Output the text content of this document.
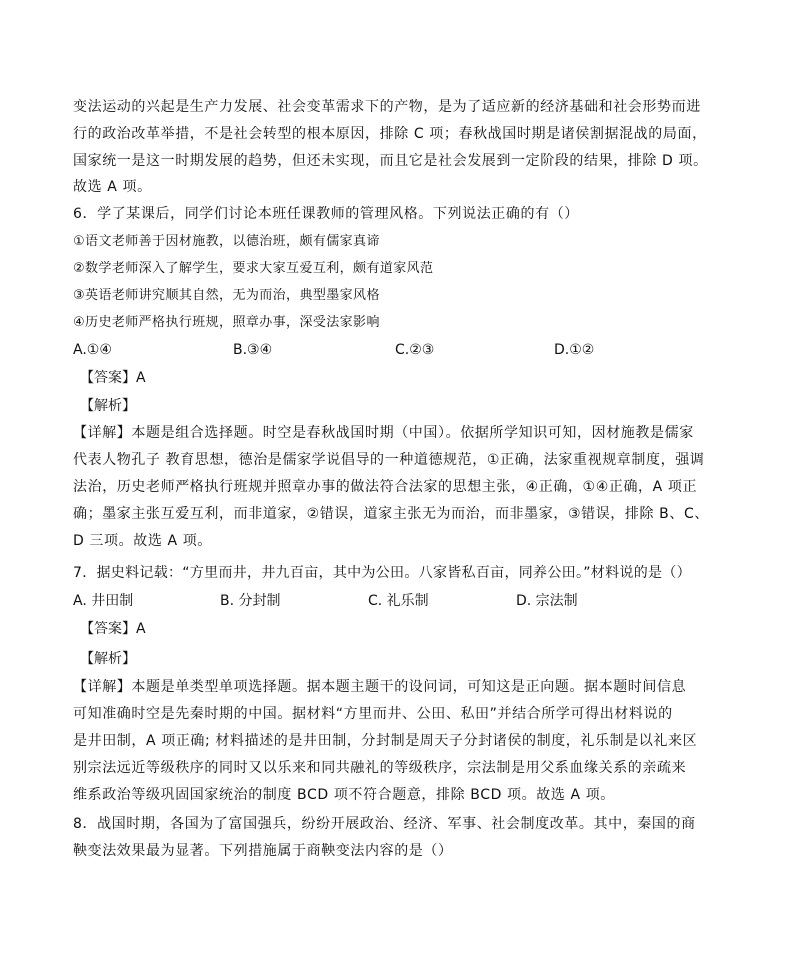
变法运动的兴起是生产力发展、社会变革需求下的产物，是为了适应新的经济基础和社会形势而进
行的政治改革举措，不是社会转型的根本原因，排除 C 项；春秋战国时期是诸侯割据混战的局面，
国家统一是这一时期发展的趋势，但还未实现，而且它是社会发展到一定阶段的结果，排除 D 项。
故选 A 项。
6．学了某课后，同学们讨论本班任课教师的管理风格。下列说法正确的有（）
①语文老师善于因材施教，以德治班，颇有儒家真谛
②数学老师深入了解学生，要求大家互爱互利，颇有道家风范
③英语老师讲究顺其自然，无为而治，典型墨家风格
④历史老师严格执行班规，照章办事，深受法家影响
A.①④	B.③④	C.②③	D.①②
【答案】A
【解析】
【详解】本题是组合选择题。时空是春秋战国时期（中国）。依据所学知识可知，因材施教是儒家
代表人物孔子 教育思想，德治是儒家学说倡导的一种道德规范，①正确，法家重视规章制度，强调
法治，历史老师严格执行班规并照章办事的做法符合法家的思想主张，④正确，①④正确，A 项正
确；墨家主张互爱互利，而非道家，②错误，道家主张无为而治，而非墨家，③错误，排除 B、C、
D 三项。故选 A 项。
7．据史料记载：“方里而井，井九百亩，其中为公田。八家皆私百亩，同养公田。”材料说的是（）
A. 井田制	B. 分封制	C. 礼乐制	D. 宗法制
【答案】A
【解析】
【详解】本题是单类型单项选择题。据本题主题干的设问词，可知这是正向题。据本题时间信息
可知准确时空是先秦时期的中国。据材料“方里而井、公田、私田”并结合所学可得出材料说的
是井田制，A 项正确; 材料描述的是井田制，分封制是周天子分封诸侯的制度，礼乐制是以礼来区
别宗法远近等级秩序的同时又以乐来和同共融礼的等级秩序，宗法制是用父系血缘关系的亲疏来
维系政治等级巩固国家统治的制度 BCD 项不符合题意，排除 BCD 项。故选 A 项。
8．战国时期，各国为了富国强兵，纷纷开展政治、经济、军事、社会制度改革。其中，秦国的商
鞅变法效果最为显著。下列措施属于商鞅变法内容的是（）
